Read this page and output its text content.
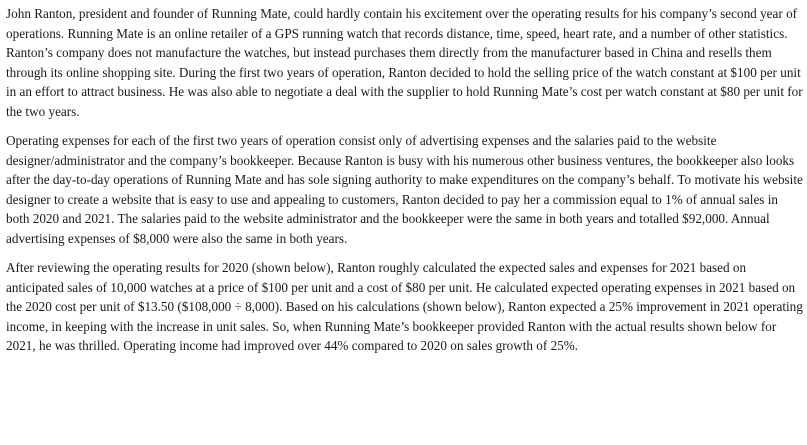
John Ranton, president and founder of Running Mate, could hardly contain his excitement over the operating results for his company’s second year of operations. Running Mate is an online retailer of a GPS running watch that records distance, time, speed, heart rate, and a number of other statistics. Ranton’s company does not manufacture the watches, but instead purchases them directly from the manufacturer based in China and resells them through its online shopping site. During the first two years of operation, Ranton decided to hold the selling price of the watch constant at $100 per unit in an effort to attract business. He was also able to negotiate a deal with the supplier to hold Running Mate’s cost per watch constant at $80 per unit for the two years.

Operating expenses for each of the first two years of operation consist only of advertising expenses and the salaries paid to the website designer/administrator and the company’s bookkeeper. Because Ranton is busy with his numerous other business ventures, the bookkeeper also looks after the day-to-day operations of Running Mate and has sole signing authority to make expenditures on the company’s behalf. To motivate his website designer to create a website that is easy to use and appealing to customers, Ranton decided to pay her a commission equal to 1% of annual sales in both 2020 and 2021. The salaries paid to the website administrator and the bookkeeper were the same in both years and totalled $92,000. Annual advertising expenses of $8,000 were also the same in both years.

After reviewing the operating results for 2020 (shown below), Ranton roughly calculated the expected sales and expenses for 2021 based on anticipated sales of 10,000 watches at a price of $100 per unit and a cost of $80 per unit. He calculated expected operating expenses in 2021 based on the 2020 cost per unit of $13.50 ($108,000 ÷ 8,000). Based on his calculations (shown below), Ranton expected a 25% improvement in 2021 operating income, in keeping with the increase in unit sales. So, when Running Mate’s bookkeeper provided Ranton with the actual results shown below for 2021, he was thrilled. Operating income had improved over 44% compared to 2020 on sales growth of 25%.
